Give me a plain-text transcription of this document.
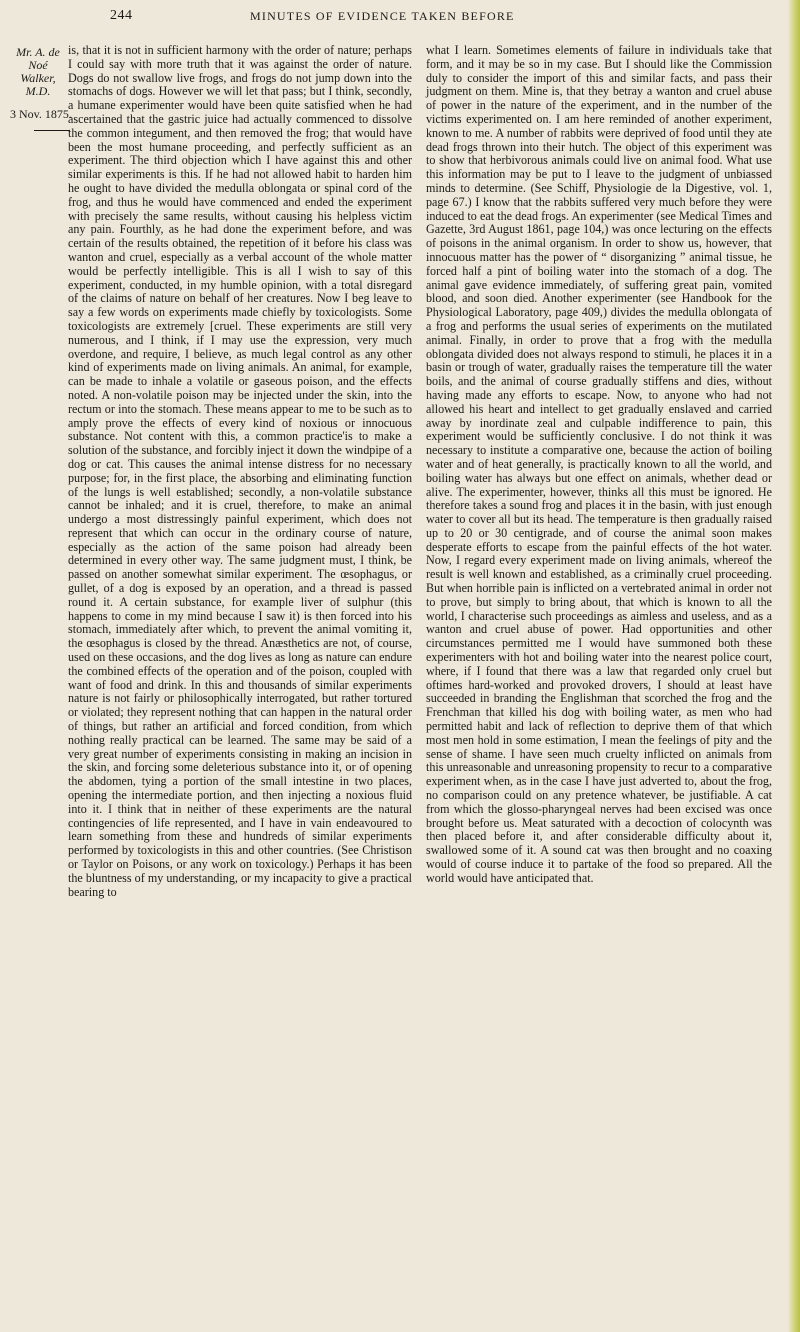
244	MINUTES OF EVIDENCE TAKEN BEFORE
Mr. A. de Noé Walker, M.D.
3 Nov. 1875.

is, that it is not in sufficient harmony with the order of nature; perhaps I could say with more truth that it was against the order of nature. Dogs do not swallow live frogs, and frogs do not jump down into the stomachs of dogs. However we will let that pass; but I think, secondly, a humane experimenter would have been quite satisfied when he had ascertained that the gastric juice had actually commenced to dissolve the common integument, and then removed the frog; that would have been the most humane proceeding, and perfectly sufficient as an experiment. The third objection which I have against this and other similar experiments is this. If he had not allowed habit to harden him he ought to have divided the medulla oblongata or spinal cord of the frog, and thus he would have commenced and ended the experiment with precisely the same results, without causing his helpless victim any pain. Fourthly, as he had done the experiment before, and was certain of the results obtained, the repetition of it before his class was wanton and cruel, especially as a verbal account of the whole matter would be perfectly intelligible. This is all I wish to say of this experiment, conducted, in my humble opinion, with a total disregard of the claims of nature on behalf of her creatures. Now I beg leave to say a few words on experiments made chiefly by toxicologists. Some toxicologists are extremely [cruel. These experiments are still very numerous, and I think, if I may use the expression, very much overdone, and require, I believe, as much legal control as any other kind of experiments made on living animals. An animal, for example, can be made to inhale a volatile or gaseous poison, and the effects noted. A non-volatile poison may be injected under the skin, into the rectum or into the stomach. These means appear to me to be such as to amply prove the effects of every kind of noxious or innocuous substance. Not content with this, a common practice'is to make a solution of the substance, and forcibly inject it down the windpipe of a dog or cat. This causes the animal intense distress for no necessary purpose; for, in the first place, the absorbing and eliminating function of the lungs is well established; secondly, a non-volatile substance cannot be inhaled; and it is cruel, therefore, to make an animal undergo a most distressingly painful experiment, which does not represent that which can occur in the ordinary course of nature, especially as the action of the same poison had already been determined in every other way. The same judgment must, I think, be passed on another somewhat similar experiment. The œsophagus, or gullet, of a dog is exposed by an operation, and a thread is passed round it. A certain substance, for example liver of sulphur (this happens to come in my mind because I saw it) is then forced into his stomach, immediately after which, to prevent the animal vomiting it, the œsophagus is closed by the thread. Anæsthetics are not, of course, used on these occasions, and the dog lives as long as nature can endure the combined effects of the operation and of the poison, coupled with want of food and drink. In this and thousands of similar experiments nature is not fairly or philosophically interrogated, but rather tortured or violated; they represent nothing that can happen in the natural order of things, but rather an artificial and forced condition, from which nothing really practical can be learned. The same may be said of a very great number of experiments consisting in making an incision in the skin, and forcing some deleterious substance into it, or of opening the abdomen, tying a portion of the small intestine in two places, opening the intermediate portion, and then injecting a noxious fluid into it. I think that in neither of these experiments are the natural contingencies of life represented, and I have in vain endeavoured to learn something from these and hundreds of similar experiments performed by toxicologists in this and other countries. (See Christison or Taylor on Poisons, or any work on toxicology.) Perhaps it has been the bluntness of my understanding, or my incapacity to give a practical bearing to

what I learn. Sometimes elements of failure in individuals take that form, and it may be so in my case. But I should like the Commission duly to consider the import of this and similar facts, and pass their judgment on them. Mine is, that they betray a wanton and cruel abuse of power in the nature of the experiment, and in the number of the victims experimented on. I am here reminded of another experiment, known to me. A number of rabbits were deprived of food until they ate dead frogs thrown into their hutch. The object of this experiment was to show that herbivorous animals could live on animal food. What use this information may be put to I leave to the judgment of unbiassed minds to determine. (See Schiff, Physiologie de la Digestive, vol. 1, page 67.) I know that the rabbits suffered very much before they were induced to eat the dead frogs. An experimenter (see Medical Times and Gazette, 3rd August 1861, page 104,) was once lecturing on the effects of poisons in the animal organism. In order to show us, however, that innocuous matter has the power of “ disorganizing ” animal tissue, he forced half a pint of boiling water into the stomach of a dog. The animal gave evidence immediately, of suffering great pain, vomited blood, and soon died. Another experimenter (see Handbook for the Physiological Laboratory, page 409,) divides the medulla oblongata of a frog and performs the usual series of experiments on the mutilated animal. Finally, in order to prove that a frog with the medulla oblongata divided does not always respond to stimuli, he places it in a basin or trough of water, gradually raises the temperature till the water boils, and the animal of course gradually stiffens and dies, without having made any efforts to escape. Now, to anyone who had not allowed his heart and intellect to get gradually enslaved and carried away by inordinate zeal and culpable indifference to pain, this experiment would be sufficiently conclusive. I do not think it was necessary to institute a comparative one, because the action of boiling water and of heat generally, is practically known to all the world, and boiling water has always but one effect on animals, whether dead or alive. The experimenter, however, thinks all this must be ignored. He therefore takes a sound frog and places it in the basin, with just enough water to cover all but its head. The temperature is then gradually raised up to 20 or 30 centigrade, and of course the animal soon makes desperate efforts to escape from the painful effects of the hot water. Now, I regard every experiment made on living animals, whereof the result is well known and established, as a criminally cruel proceeding. But when horrible pain is inflicted on a vertebrated animal in order not to prove, but simply to bring about, that which is known to all the world, I characterise such proceedings as aimless and useless, and as a wanton and cruel abuse of power. Had opportunities and other circumstances permitted me I would have summoned both these experimenters with hot and boiling water into the nearest police court, where, if I found that there was a law that regarded only cruel but oftimes hard-worked and provoked drovers, I should at least have succeeded in branding the Englishman that scorched the frog and the Frenchman that killed his dog with boiling water, as men who had permitted habit and lack of reflection to deprive them of that which most men hold in some estimation, I mean the feelings of pity and the sense of shame. I have seen much cruelty inflicted on animals from this unreasonable and unreasoning propensity to recur to a comparative experiment when, as in the case I have just adverted to, about the frog, no comparison could on any pretence whatever, be justifiable. A cat from which the glosso-pharyngeal nerves had been excised was once brought before us. Meat saturated with a decoction of colocynth was then placed before it, and after considerable difficulty about it, swallowed some of it. A sound cat was then brought and no coaxing would of course induce it to partake of the food so prepared. All the world would have anticipated that.
